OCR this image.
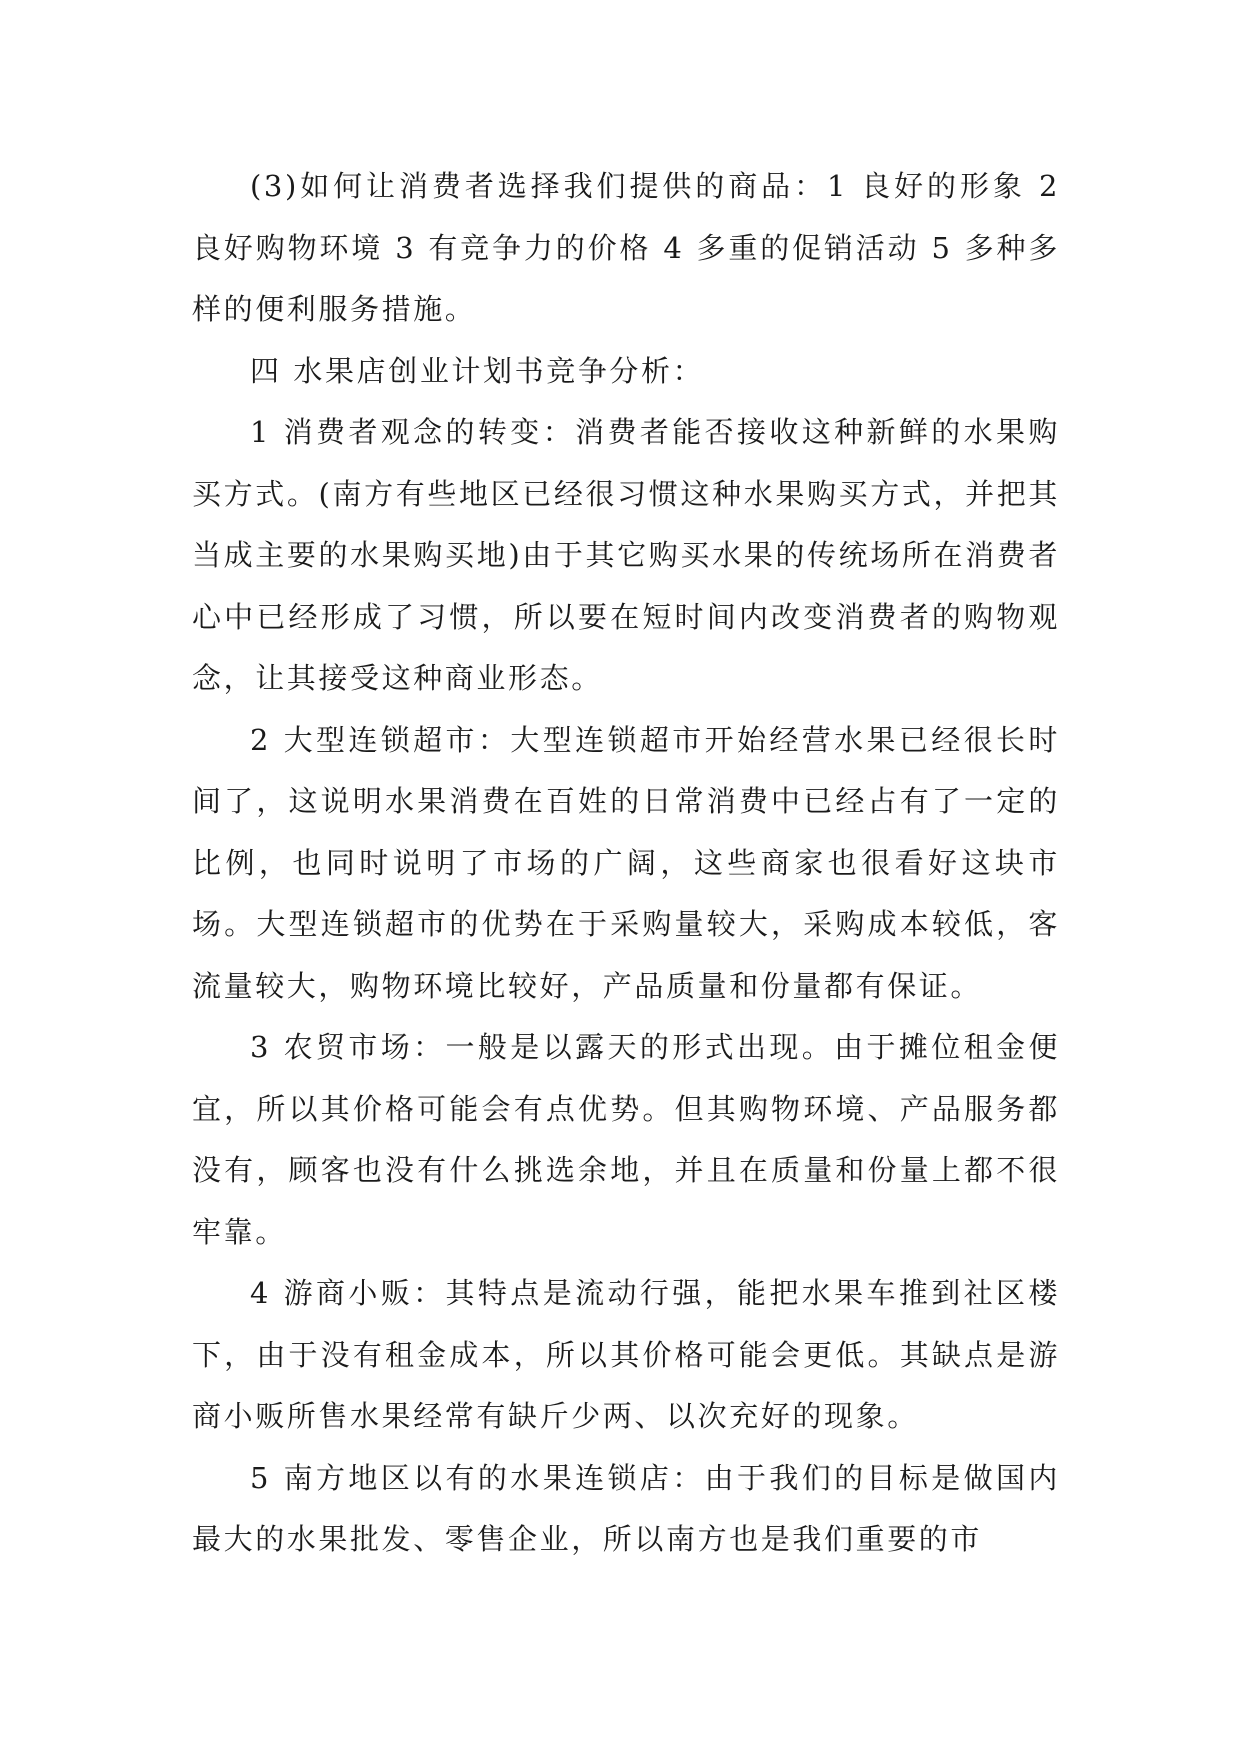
(3)如何让消费者选择我们提供的商品：1 良好的形象 2 良好购物环境 3 有竞争力的价格 4 多重的促销活动 5 多种多样的便利服务措施。

四 水果店创业计划书竞争分析：

1 消费者观念的转变：消费者能否接收这种新鲜的水果购买方式。(南方有些地区已经很习惯这种水果购买方式，并把其当成主要的水果购买地)由于其它购买水果的传统场所在消费者心中已经形成了习惯，所以要在短时间内改变消费者的购物观念，让其接受这种商业形态。

2 大型连锁超市：大型连锁超市开始经营水果已经很长时间了，这说明水果消费在百姓的日常消费中已经占有了一定的比例，也同时说明了市场的广阔，这些商家也很看好这块市场。大型连锁超市的优势在于采购量较大，采购成本较低，客流量较大，购物环境比较好，产品质量和份量都有保证。

3 农贸市场：一般是以露天的形式出现。由于摊位租金便宜，所以其价格可能会有点优势。但其购物环境、产品服务都没有，顾客也没有什么挑选余地，并且在质量和份量上都不很牢靠。

4 游商小贩：其特点是流动行强，能把水果车推到社区楼下，由于没有租金成本，所以其价格可能会更低。其缺点是游商小贩所售水果经常有缺斤少两、以次充好的现象。

5 南方地区以有的水果连锁店：由于我们的目标是做国内最大的水果批发、零售企业，所以南方也是我们重要的市
